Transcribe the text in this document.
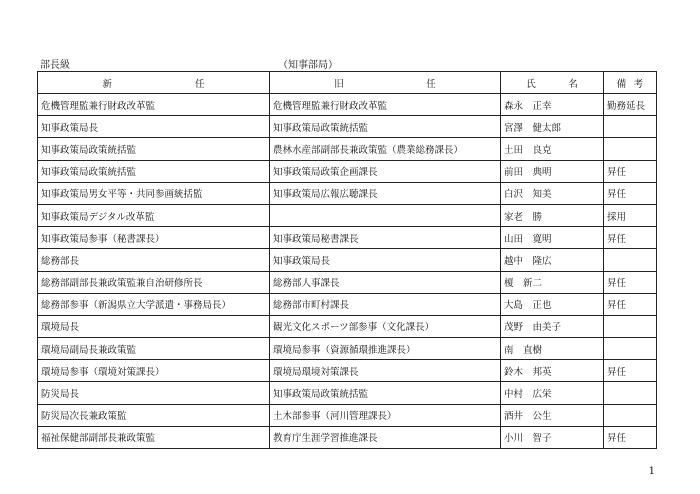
部長級	（知事部局）
新 任	旧 任	氏 名	備 考

危機管理監兼行財政改革監	危機管理監兼行財政改革監	森永　正幸	勤務延長
知事政策局長	知事政策局政策統括監	宮澤　健太郎	
知事政策局政策統括監	農林水産部副部長兼政策監（農業総務課長）	土田　良克	
知事政策局政策統括監	知事政策局政策企画課長	前田　典明	昇任
知事政策局男女平等・共同参画統括監	知事政策局広報広聴課長	白沢　知美	昇任
知事政策局デジタル改革監		家老　勝	採用
知事政策局参事（秘書課長）	知事政策局秘書課長	山田　寛明	昇任
総務部長	知事政策局長	越中　隆広	
総務部副部長兼政策監兼自治研修所長	総務部人事課長	榎　新二	昇任
総務部参事（新潟県立大学派遣・事務局長）	総務部市町村課長	大島　正也	昇任
環境局長	観光文化スポーツ部参事（文化課長）	茂野　由美子	
環境局副局長兼政策監	環境局参事（資源循環推進課長）	南　直樹	
環境局参事（環境対策課長）	環境局環境対策課長	鈴木　邦英	昇任
防災局長	知事政策局政策統括監	中村　広栄	
防災局次長兼政策監	土木部参事（河川管理課長）	酒井　公生	
福祉保健部副部長兼政策監	教育庁生涯学習推進課長	小川　智子	昇任
1
